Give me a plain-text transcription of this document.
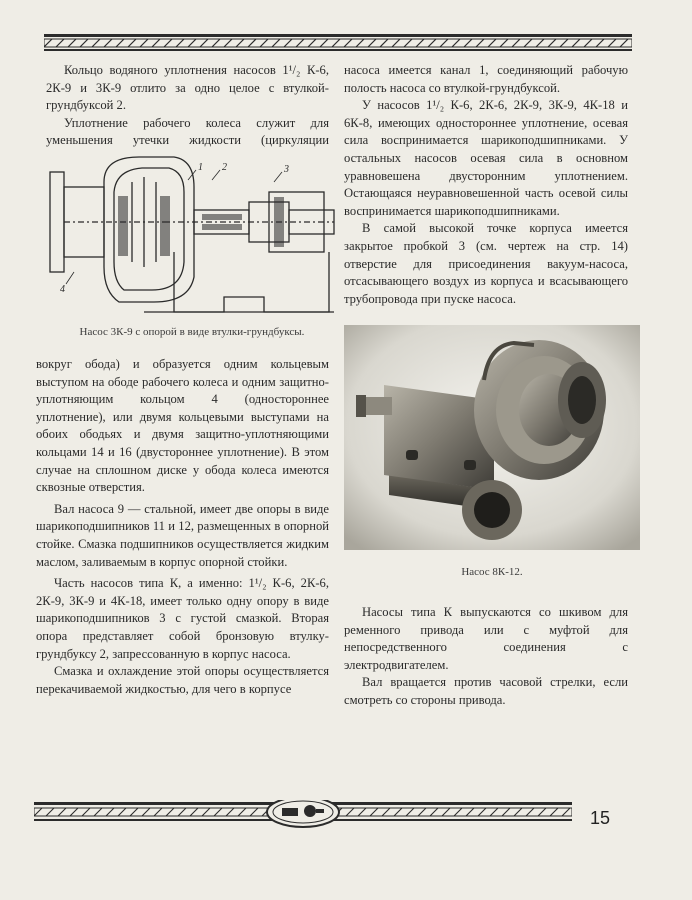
Кольцо водяного уплотнения насосов 1¹/₂ К-6, 2К-9 и 3К-9 отлито за одно целое с втулкой-грундбуксой 2.

Уплотнение рабочего колеса служит для уменьшения утечки жидкости (циркуляции

1 2	3
4
Насос 3К-9 с опорой в виде втулки-грундбуксы.

вокруг обода) и образуется одним кольцевым выступом на ободе рабочего колеса и одним защитно-уплотняющим кольцом 4 (одностороннее уплотнение), или двумя кольцевыми выступами на обоих ободьях и двумя защитно-уплотняющими кольцами 14 и 16 (двустороннее уплотнение). В этом случае на сплошном диске у обода колеса имеются сквозные отверстия.

Вал насоса 9 — стальной, имеет две опоры в виде шарикоподшипников 11 и 12, размещенных в опорной стойке. Смазка подшипников осуществляется жидким маслом, заливаемым в корпус опорной стойки.

Часть насосов типа К, а именно: 1¹/₂ К-6, 2К-6, 2К-9, 3К-9 и 4К-18, имеет только одну опору в виде шарикоподшипников 3 с густой смазкой. Вторая опора представляет собой бронзовую втулку-грундбуксу 2, запрессованную в корпус насоса.

Смазка и охлаждение этой опоры осуществляется перекачиваемой жидкостью, для чего в корпусе

насоса имеется канал 1, соединяющий рабочую полость насоса со втулкой-грундбуксой.

У насосов 1¹/₂ К-6, 2К-6, 2К-9, 3К-9, 4К-18 и 6К-8, имеющих одностороннее уплотнение, осевая сила воспринимается шарикоподшипниками. У остальных насосов осевая сила в основном уравновешена двусторонним уплотнением. Остающаяся неуравновешенной часть осевой силы воспринимается шарикоподшипниками.

В самой высокой точке корпуса имеется закрытое пробкой 3 (см. чертеж на стр. 14) отверстие для присоединения вакуум-насоса, отсасывающего воздух из корпуса и всасывающего трубопровода при пуске насоса.

Насос 8К-12.

Насосы типа К выпускаются со шкивом для ременного привода или с муфтой для непосредственного соединения с электродвигателем.

Вал вращается против часовой стрелки, если смотреть со стороны привода.

15
